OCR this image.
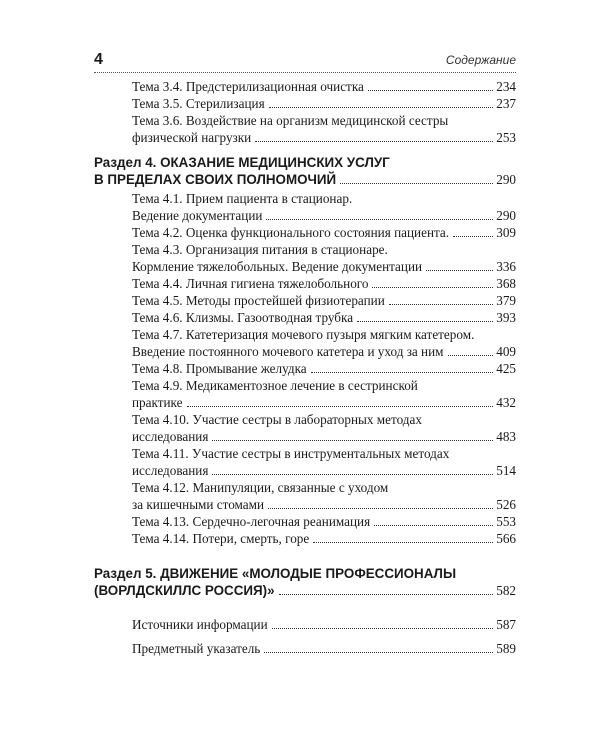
4	Содержание
Тема 3.4. Предстерилизационная очистка	234
Тема 3.5. Стерилизация	237
Тема 3.6. Воздействие на организм медицинской сестры
физической нагрузки	253
Раздел 4. ОКАЗАНИЕ МЕДИЦИНСКИХ УСЛУГ
В ПРЕДЕЛАХ СВОИХ ПОЛНОМОЧИЙ	290
Тема 4.1. Прием пациента в стационар.
Ведение документации	290
Тема 4.2. Оценка функционального состояния пациента.	309
Тема 4.3. Организация питания в стационаре.
Кормление тяжелобольных. Ведение документации	336
Тема 4.4. Личная гигиена тяжелобольного	368
Тема 4.5. Методы простейшей физиотерапии	379
Тема 4.6. Клизмы. Газоотводная трубка	393
Тема 4.7. Катетеризация мочевого пузыря мягким катетером.
Введение постоянного мочевого катетера и уход за ним	409
Тема 4.8. Промывание желудка	425
Тема 4.9. Медикаментозное лечение в сестринской
практике	432
Тема 4.10. Участие сестры в лабораторных методах
исследования	483
Тема 4.11. Участие сестры в инструментальных методах
исследования	514
Тема 4.12. Манипуляции, связанные с уходом
за кишечными стомами	526
Тема 4.13. Сердечно-легочная реанимация	553
Тема 4.14. Потери, смерть, горе	566
Раздел 5. ДВИЖЕНИЕ «МОЛОДЫЕ ПРОФЕССИОНАЛЫ
(ВОРЛДСКИЛЛС РОССИЯ)»	582
Источники информации	587
Предметный указатель	589
